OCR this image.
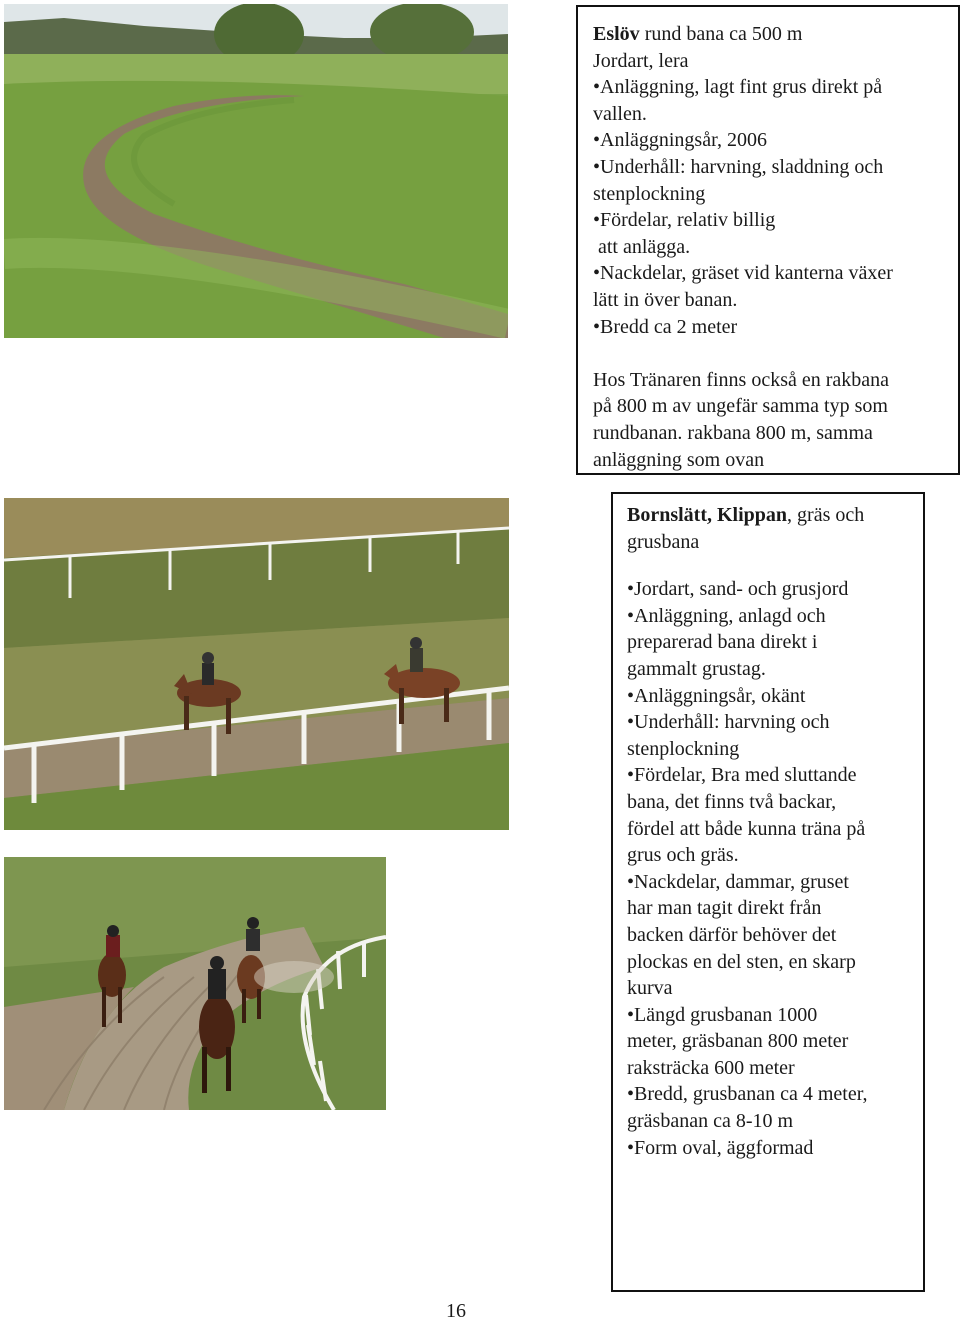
Eslöv rund bana ca 500 m
Jordart, lera
•Anläggning, lagt fint grus direkt på
vallen.
•Anläggningsår, 2006
•Underhåll: harvning, sladdning och
stenplockning
•Fördelar, relativ billig
att anlägga.
•Nackdelar, gräset vid kanterna växer
lätt in över banan.
•Bredd ca 2 meter
Hos Tränaren finns också en rakbana
på 800 m av ungefär samma typ som
rundbanan. rakbana 800 m, samma
anläggning som ovan
Bornslätt, Klippan, gräs och
grusbana
•Jordart, sand- och grusjord
•Anläggning, anlagd och
preparerad bana direkt i
gammalt grustag.
•Anläggningsår, okänt
•Underhåll: harvning och
stenplockning
•Fördelar, Bra med sluttande
bana, det finns två backar,
fördel att både kunna träna på
grus och gräs.
•Nackdelar, dammar, gruset
har man tagit direkt från
backen därför behöver det
plockas en del sten, en skarp
kurva
•Längd grusbanan 1000
meter, gräsbanan 800 meter
raksträcka 600 meter
•Bredd, grusbanan ca 4 meter,
gräsbanan ca 8-10 m
•Form oval, äggformad
16
